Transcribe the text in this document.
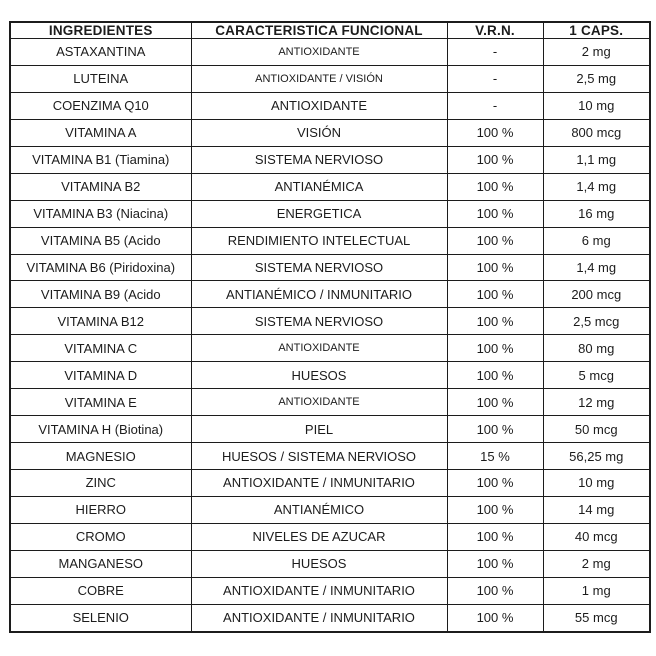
INGREDIENTES	CARACTERISTICA FUNCIONAL	V.R.N.	1 CAPS.
ASTAXANTINA	ANTIOXIDANTE	-	2 mg
LUTEINA	ANTIOXIDANTE / VISIÓN	-	2,5 mg
COENZIMA Q10	ANTIOXIDANTE	-	10 mg
VITAMINA A	VISIÓN	100 %	800 mcg
VITAMINA B1 (Tiamina)	SISTEMA NERVIOSO	100 %	1,1 mg
VITAMINA B2	ANTIANÉMICA	100 %	1,4 mg
VITAMINA B3 (Niacina)	ENERGETICA	100 %	16 mg
VITAMINA B5 (Acido	RENDIMIENTO INTELECTUAL	100 %	6 mg
VITAMINA B6 (Piridoxina)	SISTEMA NERVIOSO	100 %	1,4 mg
VITAMINA B9 (Acido	ANTIANÉMICO / INMUNITARIO	100 %	200 mcg
VITAMINA B12	SISTEMA NERVIOSO	100 %	2,5 mcg
VITAMINA C	ANTIOXIDANTE	100 %	80 mg
VITAMINA D	HUESOS	100 %	5 mcg
VITAMINA E	ANTIOXIDANTE	100 %	12 mg
VITAMINA H (Biotina)	PIEL	100 %	50 mcg
MAGNESIO	HUESOS / SISTEMA NERVIOSO	15 %	56,25 mg
ZINC	ANTIOXIDANTE / INMUNITARIO	100 %	10 mg
HIERRO	ANTIANÉMICO	100 %	14 mg
CROMO	NIVELES DE AZUCAR	100 %	40 mcg
MANGANESO	HUESOS	100 %	2 mg
COBRE	ANTIOXIDANTE / INMUNITARIO	100 %	1 mg
SELENIO	ANTIOXIDANTE / INMUNITARIO	100 %	55 mcg
